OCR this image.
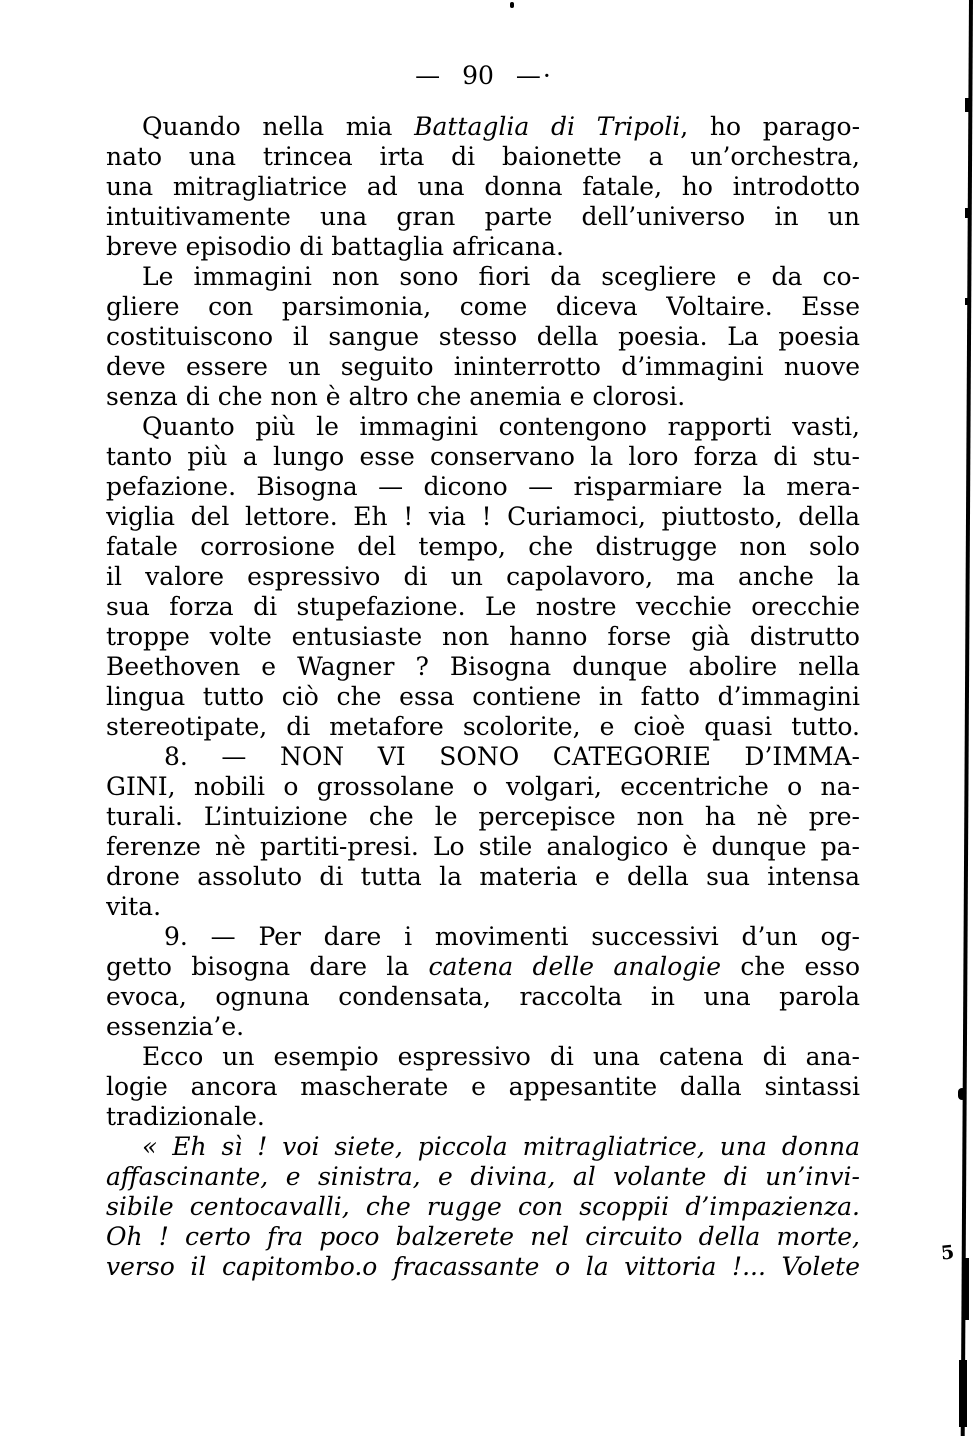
— 90 —·
Quando nella mia Battaglia di Tripoli, ho parago-
nato una trincea irta di baionette a un’orchestra,
una mitragliatrice ad una donna fatale, ho introdotto
intuitivamente una gran parte dell’universo in un
breve episodio di battaglia africana.
Le immagini non sono fiori da scegliere e da co-
gliere con parsimonia, come diceva Voltaire. Esse
costituiscono il sangue stesso della poesia. La poesia
deve essere un seguito ininterrotto d’immagini nuove
senza di che non è altro che anemia e clorosi.
Quanto più le immagini contengono rapporti vasti,
tanto più a lungo esse conservano la loro forza di stu-
pefazione. Bisogna — dicono — risparmiare la mera-
viglia del lettore. Eh ! via ! Curiamoci, piuttosto, della
fatale corrosione del tempo, che distrugge non solo
il valore espressivo di un capolavoro, ma anche la
sua forza di stupefazione. Le nostre vecchie orecchie
troppe volte entusiaste non hanno forse già distrutto
Beethoven e Wagner ? Bisogna dunque abolire nella
lingua tutto ciò che essa contiene in fatto d’immagini
stereotipate, di metafore scolorite, e cioè quasi tutto.
8. — NON VI SONO CATEGORIE D’IMMA-
GINI, nobili o grossolane o volgari, eccentriche o na-
turali. L’intuizione che le percepisce non ha nè pre-
ferenze nè partiti-presi. Lo stile analogico è dunque pa-
drone assoluto di tutta la materia e della sua intensa
vita.
9. — Per dare i movimenti successivi d’un og-
getto bisogna dare la catena delle analogie che esso
evoca, ognuna condensata, raccolta in una parola
essenzia’e.
Ecco un esempio espressivo di una catena di ana-
logie ancora mascherate e appesantite dalla sintassi
tradizionale.
« Eh sì ! voi siete, piccola mitragliatrice, una donna
affascinante, e sinistra, e divina, al volante di un’invi-
sibile centocavalli, che rugge con scoppii d’impazienza.
Oh ! certo fra poco balzerete nel circuito della morte,
verso il capitombo.o fracassante o la vittoria !... Volete	5
